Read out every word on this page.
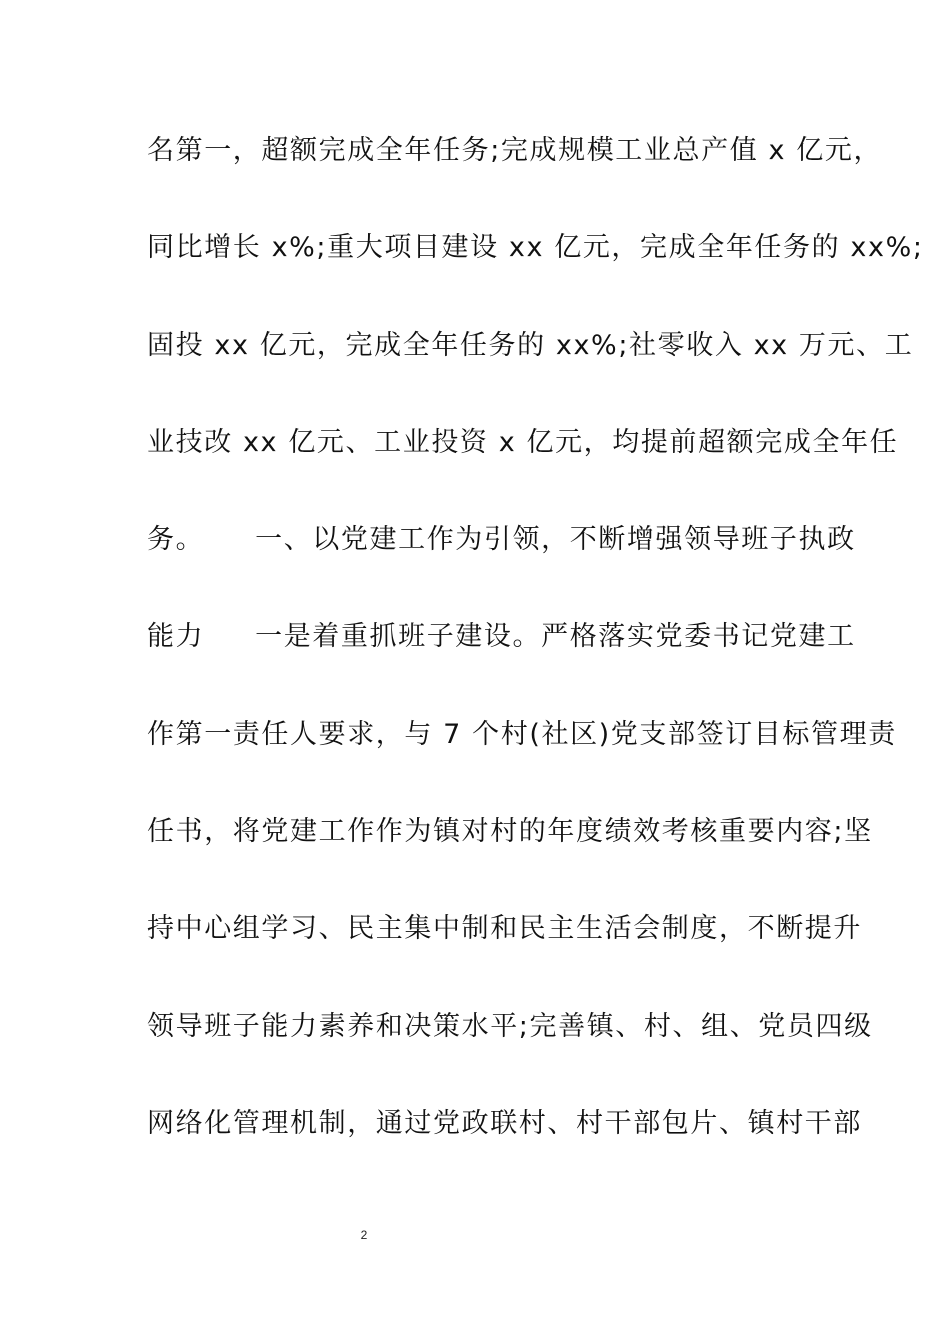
名第一，超额完成全年任务;完成规模工业总产值 x 亿元，
同比增长 x%;重大项目建设 xx 亿元，完成全年任务的 xx%;
固投 xx 亿元，完成全年任务的 xx%;社零收入 xx 万元、工
业技改 xx 亿元、工业投资 x 亿元，均提前超额完成全年任
务。     一、以党建工作为引领，不断增强领导班子执政
能力     一是着重抓班子建设。严格落实党委书记党建工
作第一责任人要求，与 7 个村(社区)党支部签订目标管理责
任书，将党建工作作为镇对村的年度绩效考核重要内容;坚
持中心组学习、民主集中制和民主生活会制度，不断提升
领导班子能力素养和决策水平;完善镇、村、组、党员四级
网络化管理机制，通过党政联村、村干部包片、镇村干部
2
